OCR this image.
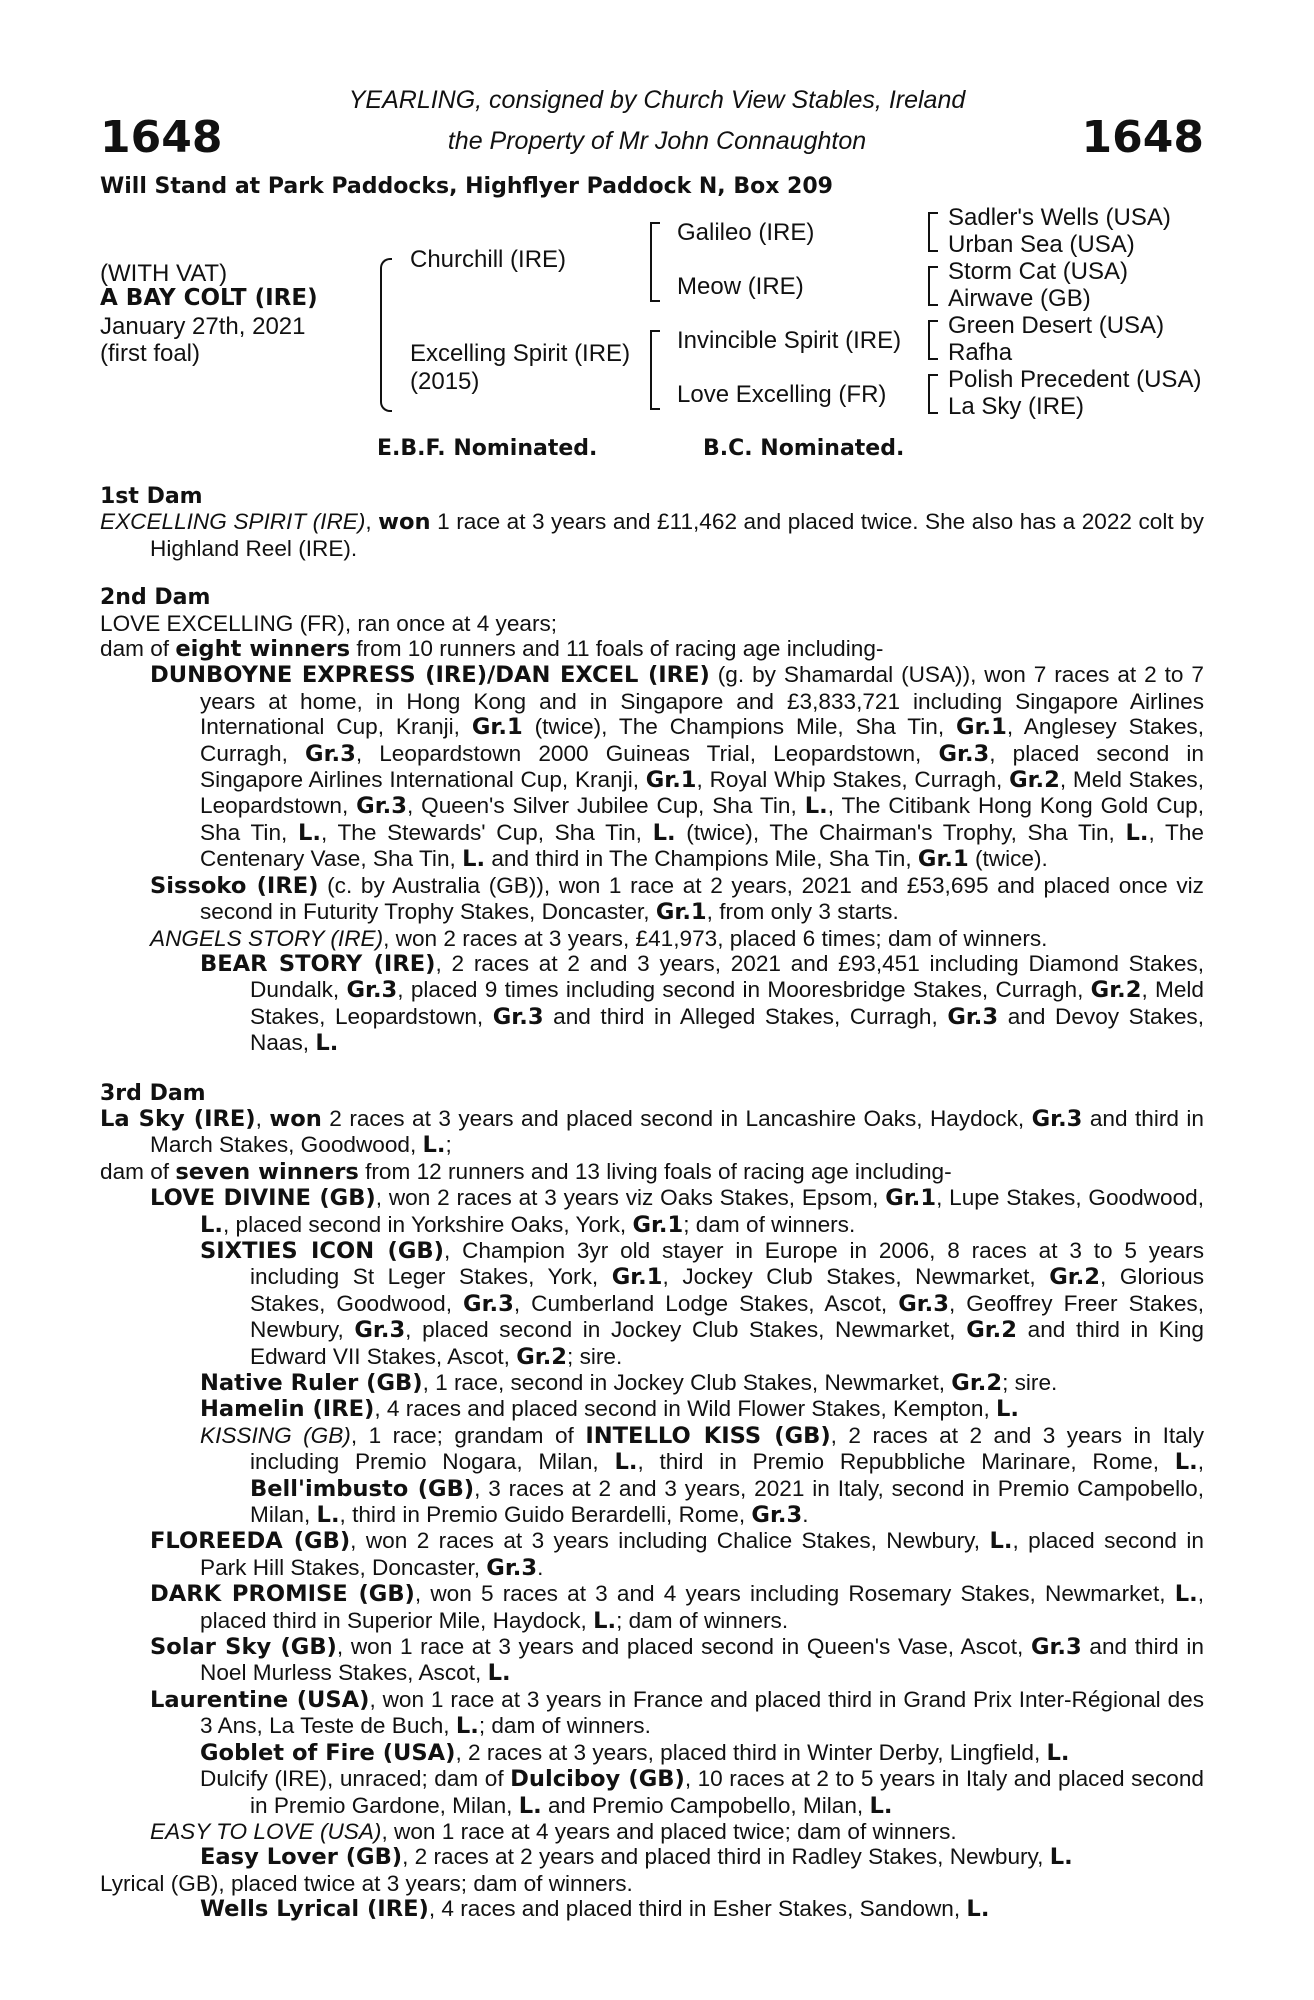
1648	1648
YEARLING, consigned by Church View Stables, Ireland
the Property of Mr John Connaughton
Will Stand at Park Paddocks, Highflyer Paddock N, Box 209
(WITH VAT)
A BAY COLT (IRE)
January 27th, 2021
(first foal)
Churchill (IRE)
Excelling Spirit (IRE)
(2015)
Galileo (IRE)
Meow (IRE)
Invincible Spirit (IRE)
Love Excelling (FR)
Sadler's Wells (USA)
Urban Sea (USA)
Storm Cat (USA)
Airwave (GB)
Green Desert (USA)
Rafha
Polish Precedent (USA)
La Sky (IRE)
E.B.F. Nominated.	B.C. Nominated.
1st Dam
EXCELLING SPIRIT (IRE), won 1 race at 3 years and £11,462 and placed twice. She also has a 2022 colt by Highland Reel (IRE).
2nd Dam
LOVE EXCELLING (FR), ran once at 4 years;
dam of eight winners from 10 runners and 11 foals of racing age including-
DUNBOYNE EXPRESS (IRE)/DAN EXCEL (IRE) (g. by Shamardal (USA)), won 7 races at 2 to 7 years at home, in Hong Kong and in Singapore and £3,833,721 including Singapore Airlines International Cup, Kranji, Gr.1 (twice), The Champions Mile, Sha Tin, Gr.1, Anglesey Stakes, Curragh, Gr.3, Leopardstown 2000 Guineas Trial, Leopardstown, Gr.3, placed second in Singapore Airlines International Cup, Kranji, Gr.1, Royal Whip Stakes, Curragh, Gr.2, Meld Stakes, Leopardstown, Gr.3, Queen's Silver Jubilee Cup, Sha Tin, L., The Citibank Hong Kong Gold Cup, Sha Tin, L., The Stewards' Cup, Sha Tin, L. (twice), The Chairman's Trophy, Sha Tin, L., The Centenary Vase, Sha Tin, L. and third in The Champions Mile, Sha Tin, Gr.1 (twice).
Sissoko (IRE) (c. by Australia (GB)), won 1 race at 2 years, 2021 and £53,695 and placed once viz second in Futurity Trophy Stakes, Doncaster, Gr.1, from only 3 starts.
ANGELS STORY (IRE), won 2 races at 3 years, £41,973, placed 6 times; dam of winners.
BEAR STORY (IRE), 2 races at 2 and 3 years, 2021 and £93,451 including Diamond Stakes, Dundalk, Gr.3, placed 9 times including second in Mooresbridge Stakes, Curragh, Gr.2, Meld Stakes, Leopardstown, Gr.3 and third in Alleged Stakes, Curragh, Gr.3 and Devoy Stakes, Naas, L.
3rd Dam
La Sky (IRE), won 2 races at 3 years and placed second in Lancashire Oaks, Haydock, Gr.3 and third in March Stakes, Goodwood, L.;
dam of seven winners from 12 runners and 13 living foals of racing age including-
LOVE DIVINE (GB), won 2 races at 3 years viz Oaks Stakes, Epsom, Gr.1, Lupe Stakes, Goodwood, L., placed second in Yorkshire Oaks, York, Gr.1; dam of winners.
SIXTIES ICON (GB), Champion 3yr old stayer in Europe in 2006, 8 races at 3 to 5 years including St Leger Stakes, York, Gr.1, Jockey Club Stakes, Newmarket, Gr.2, Glorious Stakes, Goodwood, Gr.3, Cumberland Lodge Stakes, Ascot, Gr.3, Geoffrey Freer Stakes, Newbury, Gr.3, placed second in Jockey Club Stakes, Newmarket, Gr.2 and third in King Edward VII Stakes, Ascot, Gr.2; sire.
Native Ruler (GB), 1 race, second in Jockey Club Stakes, Newmarket, Gr.2; sire.
Hamelin (IRE), 4 races and placed second in Wild Flower Stakes, Kempton, L.
KISSING (GB), 1 race; grandam of INTELLO KISS (GB), 2 races at 2 and 3 years in Italy including Premio Nogara, Milan, L., third in Premio Repubbliche Marinare, Rome, L., Bell'imbusto (GB), 3 races at 2 and 3 years, 2021 in Italy, second in Premio Campobello, Milan, L., third in Premio Guido Berardelli, Rome, Gr.3.
FLOREEDA (GB), won 2 races at 3 years including Chalice Stakes, Newbury, L., placed second in Park Hill Stakes, Doncaster, Gr.3.
DARK PROMISE (GB), won 5 races at 3 and 4 years including Rosemary Stakes, Newmarket, L., placed third in Superior Mile, Haydock, L.; dam of winners.
Solar Sky (GB), won 1 race at 3 years and placed second in Queen's Vase, Ascot, Gr.3 and third in Noel Murless Stakes, Ascot, L.
Laurentine (USA), won 1 race at 3 years in France and placed third in Grand Prix Inter-Régional des 3 Ans, La Teste de Buch, L.; dam of winners.
Goblet of Fire (USA), 2 races at 3 years, placed third in Winter Derby, Lingfield, L.
Dulcify (IRE), unraced; dam of Dulciboy (GB), 10 races at 2 to 5 years in Italy and placed second in Premio Gardone, Milan, L. and Premio Campobello, Milan, L.
EASY TO LOVE (USA), won 1 race at 4 years and placed twice; dam of winners.
Easy Lover (GB), 2 races at 2 years and placed third in Radley Stakes, Newbury, L.
Lyrical (GB), placed twice at 3 years; dam of winners.
Wells Lyrical (IRE), 4 races and placed third in Esher Stakes, Sandown, L.
